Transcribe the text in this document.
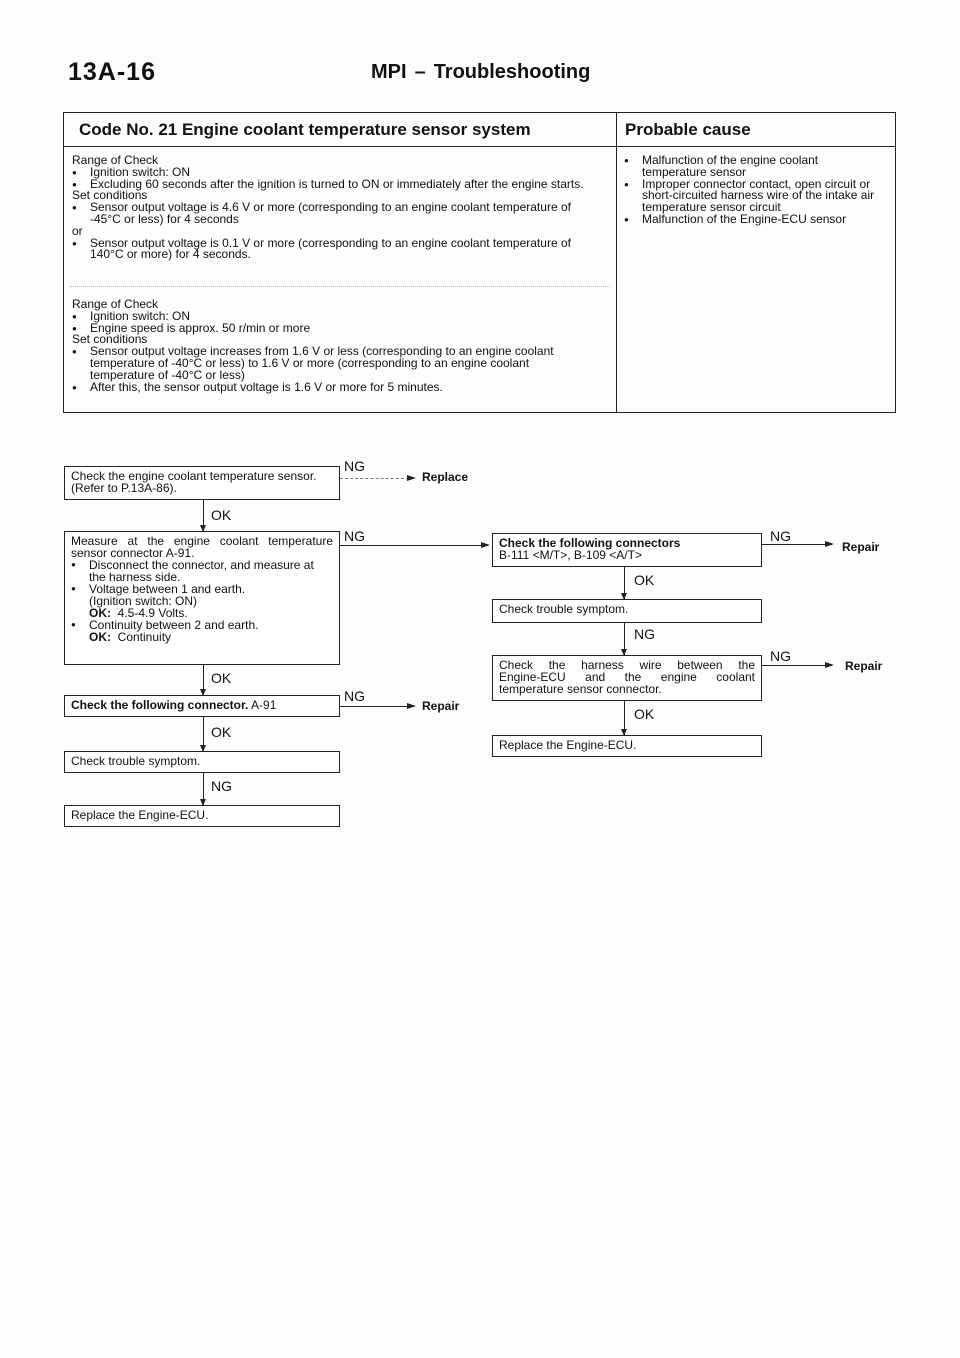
13A-16	MPI – Troubleshooting
Code No. 21 Engine coolant temperature sensor system	Probable cause
Range of Check
● Ignition switch: ON
● Excluding 60 seconds after the ignition is turned to ON or immediately after the engine starts.
Set conditions
● Sensor output voltage is 4.6 V or more (corresponding to an engine coolant temperature of
-45°C or less) for 4 seconds
or
● Sensor output voltage is 0.1 V or more (corresponding to an engine coolant temperature of
140°C or more) for 4 seconds.
Range of Check
● Ignition switch: ON
● Engine speed is approx. 50 r/min or more
Set conditions
● Sensor output voltage increases from 1.6 V or less (corresponding to an engine coolant
temperature of -40°C or less) to 1.6 V or more (corresponding to an engine coolant
temperature of -40°C or less)
● After this, the sensor output voltage is 1.6 V or more for 5 minutes.
● Malfunction of the engine coolant
temperature sensor
● Improper connector contact, open circuit or
short-circuited harness wire of the intake air
temperature sensor circuit
● Malfunction of the Engine-ECU sensor
Check the engine coolant temperature sensor.
(Refer to P.13A-86).
NG
Replace
OK
Measure at the engine coolant temperature
sensor connector A-91.
● Disconnect the connector, and measure at
the harness side.
● Voltage between 1 and earth.
(Ignition switch: ON)
OK: 4.5-4.9 Volts.
● Continuity between 2 and earth.
OK: Continuity
NG
OK
Check the following connector. A-91
NG
Repair
OK
Check trouble symptom.
NG
Replace the Engine-ECU.
Check the following connectors
B-111 <M/T>, B-109 <A/T>
NG
Repair
OK
Check trouble symptom.
NG
Check the harness wire between the
Engine-ECU and the engine coolant
temperature sensor connector.
NG
Repair
OK
Replace the Engine-ECU.
